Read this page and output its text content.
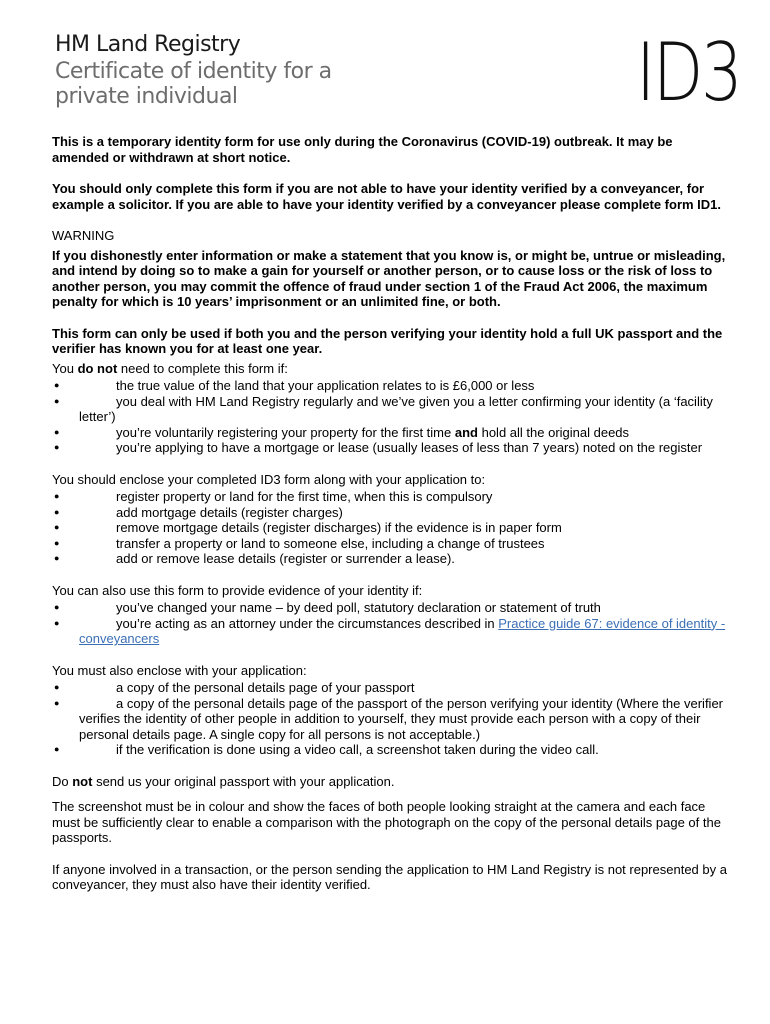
HM Land Registry
Certificate of identity for a private individual	ID3

This is a temporary identity form for use only during the Coronavirus (COVID-19) outbreak. It may be amended or withdrawn at short notice.

You should only complete this form if you are not able to have your identity verified by a conveyancer, for example a solicitor. If you are able to have your identity verified by a conveyancer please complete form ID1.

WARNING

If you dishonestly enter information or make a statement that you know is, or might be, untrue or misleading, and intend by doing so to make a gain for yourself or another person, or to cause loss or the risk of loss to another person, you may commit the offence of fraud under section 1 of the Fraud Act 2006, the maximum penalty for which is 10 years’ imprisonment or an unlimited fine, or both.

This form can only be used if both you and the person verifying your identity hold a full UK passport and the verifier has known you for at least one year.

You do not need to complete this form if:

●	the true value of the land that your application relates to is £6,000 or less
●	you deal with HM Land Registry regularly and we’ve given you a letter confirming your identity (a ‘facility letter’)
●	you’re voluntarily registering your property for the first time and hold all the original deeds
●	you’re applying to have a mortgage or lease (usually leases of less than 7 years) noted on the register

You should enclose your completed ID3 form along with your application to:

●	register property or land for the first time, when this is compulsory
●	add mortgage details (register charges)
●	remove mortgage details (register discharges) if the evidence is in paper form
●	transfer a property or land to someone else, including a change of trustees
●	add or remove lease details (register or surrender a lease).

You can also use this form to provide evidence of your identity if:

●	you’ve changed your name – by deed poll, statutory declaration or statement of truth
●	you’re acting as an attorney under the circumstances described in Practice guide 67: evidence of identity - conveyancers

You must also enclose with your application:

●	a copy of the personal details page of your passport
●	a copy of the personal details page of the passport of the person verifying your identity (Where the verifier verifies the identity of other people in addition to yourself, they must provide each person with a copy of their personal details page. A single copy for all persons is not acceptable.)
●	if the verification is done using a video call, a screenshot taken during the video call.

Do not send us your original passport with your application.

The screenshot must be in colour and show the faces of both people looking straight at the camera and each face must be sufficiently clear to enable a comparison with the photograph on the copy of the personal details page of the passports.

If anyone involved in a transaction, or the person sending the application to HM Land Registry is not represented by a conveyancer, they must also have their identity verified.
